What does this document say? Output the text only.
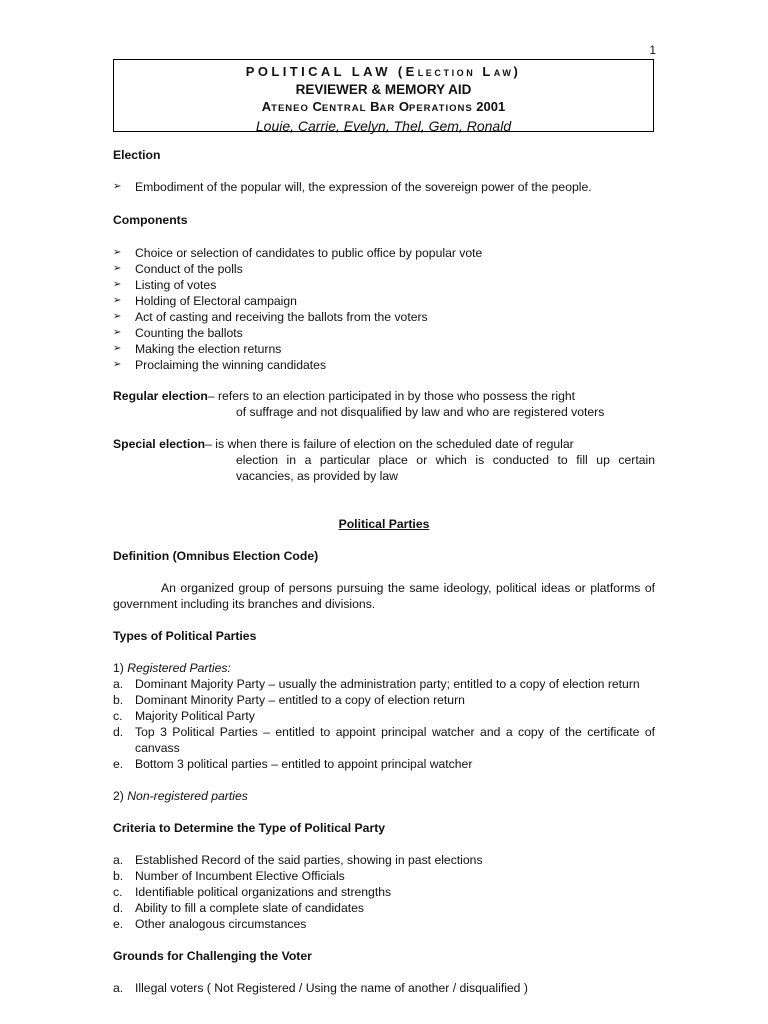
1
POLITICAL LAW (ELECTION LAW)
REVIEWER & MEMORY AID
ATENEO CENTRAL BAR OPERATIONS 2001
Louie, Carrie, Evelyn, Thel, Gem, Ronald

Election

➢	Embodiment of the popular will, the expression of the sovereign power of the people.

Components

➢	Choice or selection of candidates to public office by popular vote
➢	Conduct of the polls
➢	Listing of votes
➢	Holding of Electoral campaign
➢	Act of casting and receiving the ballots from the voters
➢	Counting the ballots
➢	Making the election returns
➢	Proclaiming the winning candidates
Regular election – refers to an election participated in by those who possess the right

of suffrage and not disqualified by law and who are registered voters

Special election – is when there is failure of election on the scheduled date of regular

election in a particular place or which is conducted to fill up certain

vacancies, as provided by law

Political Parties

Definition (Omnibus Election Code)

An organized group of persons pursuing the same ideology, political ideas or platforms of government including its branches and divisions.

Types of Political Parties

1) Registered Parties:

a. Dominant Majority Party – usually the administration party; entitled to a copy of election return
b. Dominant Minority Party – entitled to a copy of election return
c.	Majority Political Party
d. Top 3 Political Parties – entitled to appoint principal watcher and a copy of the certificate of canvass
e. Bottom 3 political parties – entitled to appoint principal watcher

2) Non-registered parties

Criteria to Determine the Type of Political Party

a. Established Record of the said parties, showing in past elections
b. Number of Incumbent Elective Officials
c.	Identifiable political organizations and strengths
d. Ability to fill a complete slate of candidates
e. Other analogous circumstances

Grounds for Challenging the Voter

a. Illegal voters ( Not Registered / Using the name of another / disqualified )
